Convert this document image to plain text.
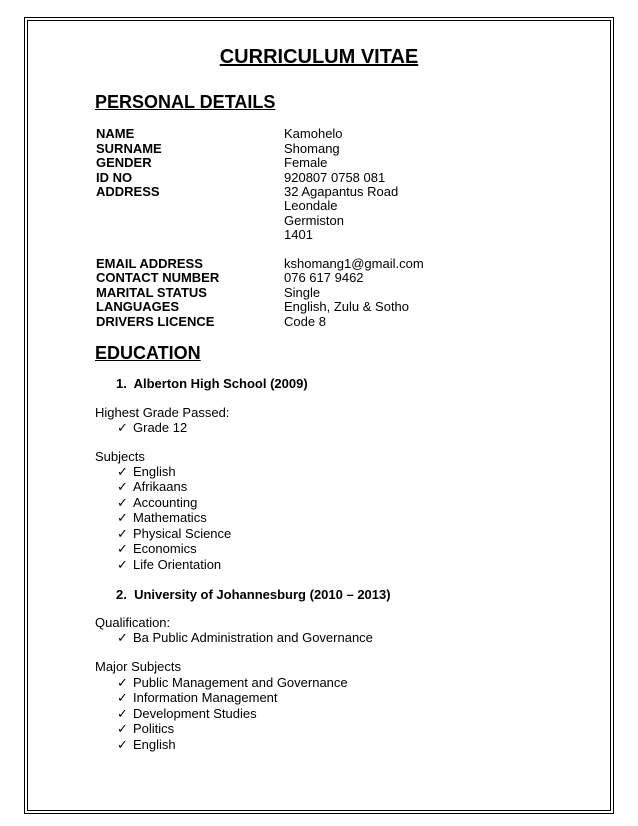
CURRICULUM VITAE
PERSONAL DETAILS
NAME	Kamohelo
SURNAME	Shomang
GENDER	Female
ID NO	920807 0758 081
ADDRESS	32 Agapantus Road
Leondale
Germiston
1401
EMAIL ADDRESS	kshomang1@gmail.com
CONTACT NUMBER	076 617 9462
MARITAL STATUS	Single
LANGUAGES	English, Zulu & Sotho
DRIVERS LICENCE	Code 8
EDUCATION
1. Alberton High School (2009)
Highest Grade Passed:
✓ Grade 12
Subjects
✓ English
✓ Afrikaans
✓ Accounting
✓ Mathematics
✓ Physical Science
✓ Economics
✓ Life Orientation
2. University of Johannesburg (2010 – 2013)
Qualification:
✓ Ba Public Administration and Governance
Major Subjects
✓ Public Management and Governance
✓ Information Management
✓ Development Studies
✓ Politics
✓ English
